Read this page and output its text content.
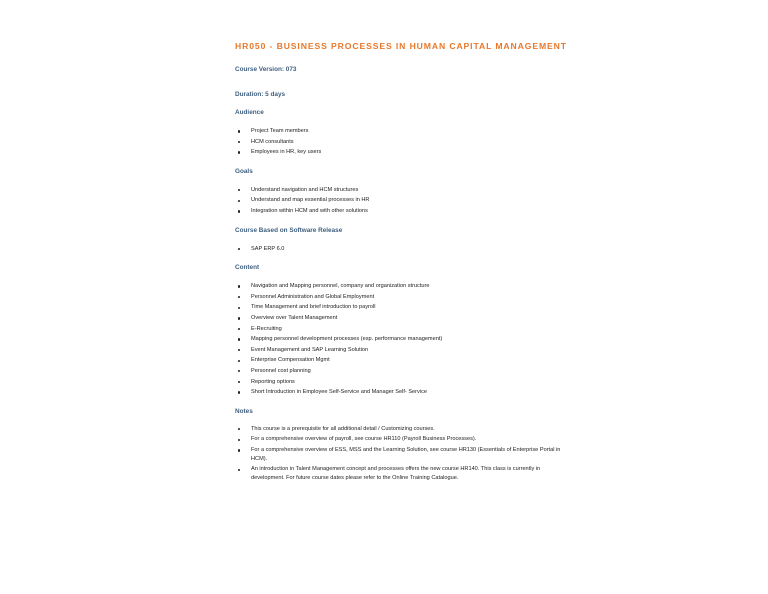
HR050 - BUSINESS PROCESSES IN HUMAN CAPITAL MANAGEMENT
Course Version: 073
Duration: 5 days
Audience
Project Team members
HCM consultants
Employees in HR, key users
Goals
Understand navigation and HCM structures
Understand and map essential processes in HR
Integration within HCM and with other solutions
Course Based on Software Release
SAP ERP 6.0
Content
Navigation and Mapping personnel, company and organization structure
Personnel Administration and Global Employment
Time Management and brief introduction to payroll
Overview over Talent Management
E-Recruiting
Mapping personnel development processes (esp. performance management)
Event Management and SAP Learning Solution
Enterprise Compensation Mgmt
Personnel cost planning
Reporting options
Short Introduction in Employee Self-Service and Manager Self- Service
Notes
This course is a prerequisite for all additional detail / Customizing courses.
For a comprehensive overview of payroll, see course HR110 (Payroll Business Processes).
For a comprehensive overview of ESS, MSS and the Learning Solution, see course HR130 (Essentials of Enterprise Portal in HCM).
An introduction in Talent Management concept and processes offers the new course HR140. This class is currently in development. For future course dates please refer to the Online Training Catalogue.
